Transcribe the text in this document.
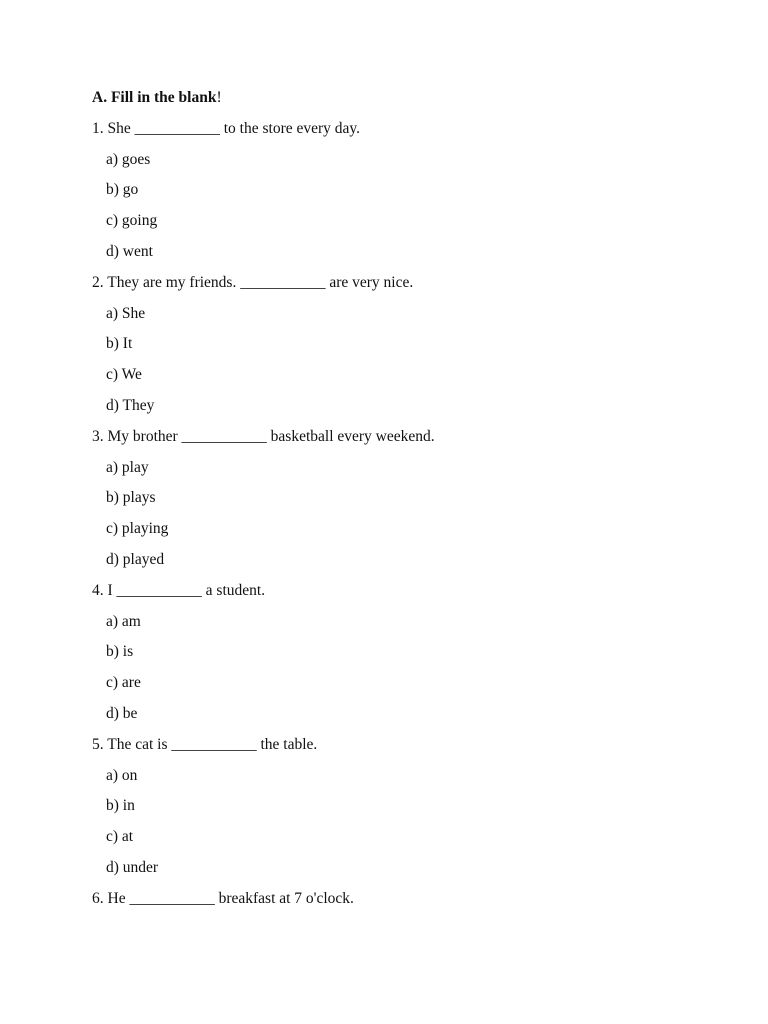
A. Fill in the blank!
1. She ___________ to the store every day.
a) goes
b) go
c) going
d) went
2. They are my friends. ___________ are very nice.
a) She
b) It
c) We
d) They
3. My brother ___________ basketball every weekend.
a) play
b) plays
c) playing
d) played
4. I ___________ a student.
a) am
b) is
c) are
d) be
5. The cat is ___________ the table.
a) on
b) in
c) at
d) under
6. He ___________ breakfast at 7 o'clock.
